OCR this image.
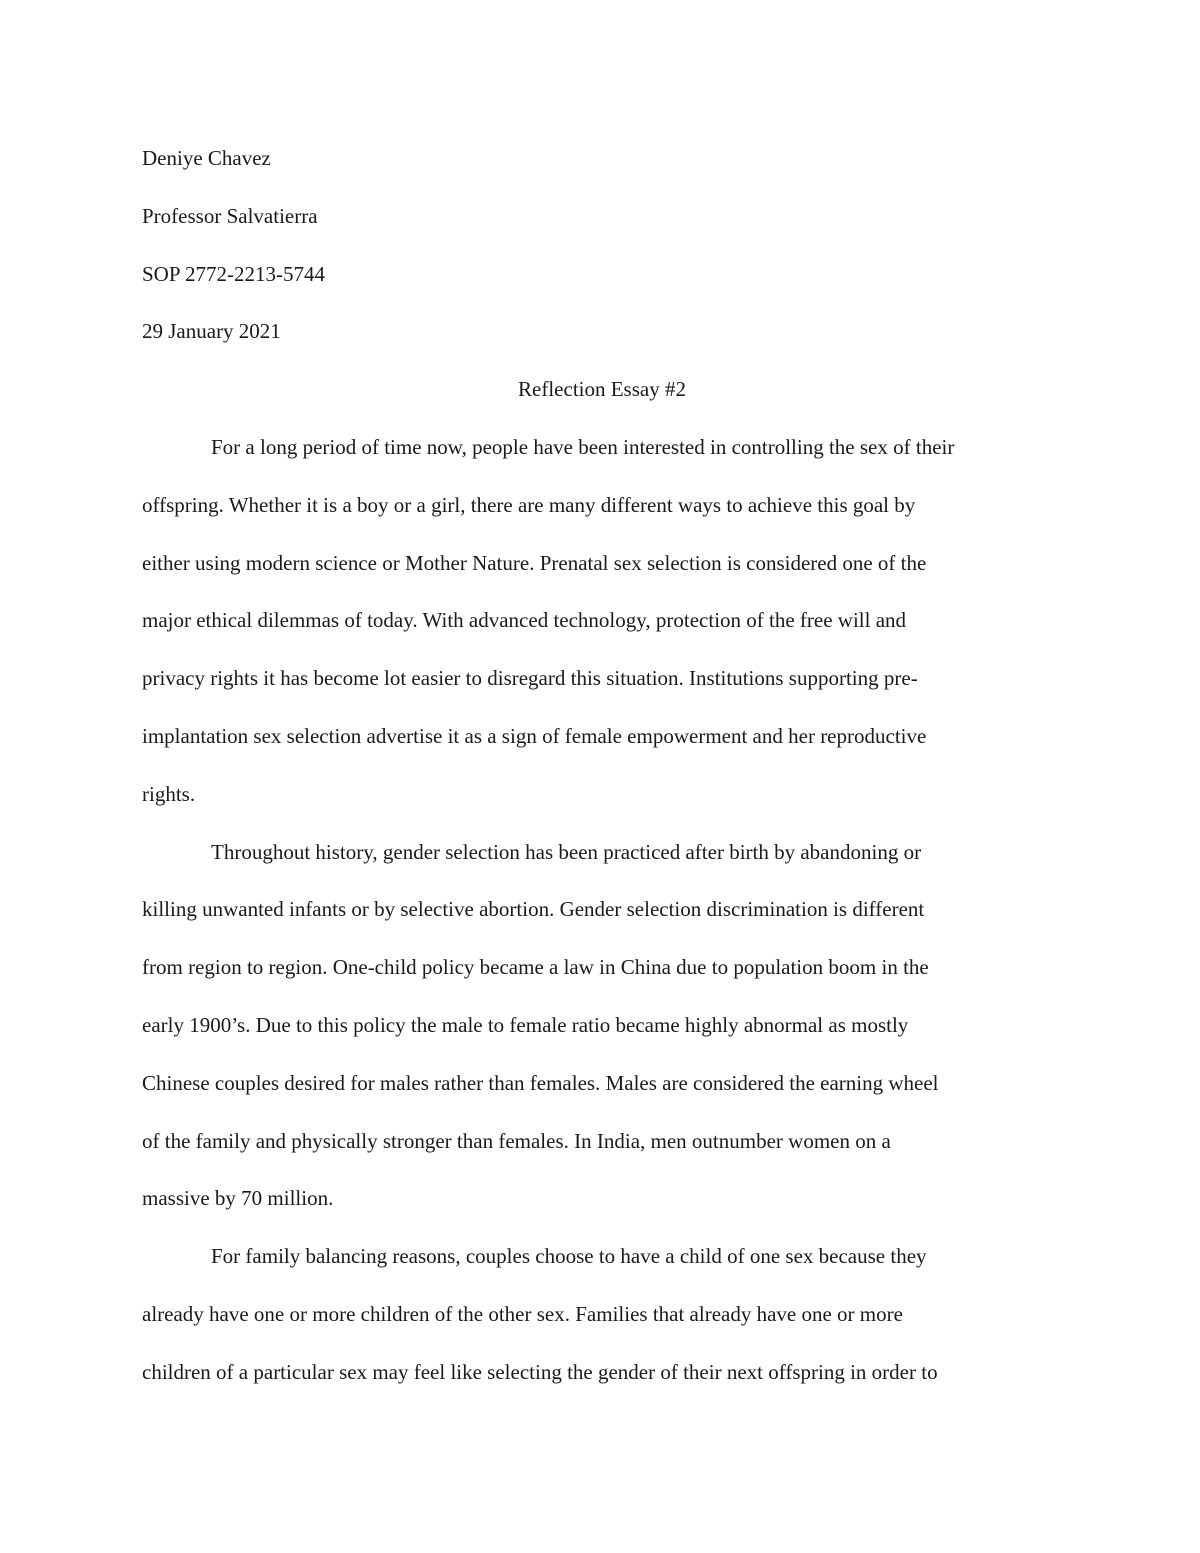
Deniye Chavez
Professor Salvatierra
SOP 2772-2213-5744
29 January 2021
Reflection Essay #2
For a long period of time now, people have been interested in controlling the sex of their
offspring. Whether it is a boy or a girl, there are many different ways to achieve this goal by
either using modern science or Mother Nature. Prenatal sex selection is considered one of the
major ethical dilemmas of today. With advanced technology, protection of the free will and
privacy rights it has become lot easier to disregard this situation. Institutions supporting pre-
implantation sex selection advertise it as a sign of female empowerment and her reproductive
rights.
Throughout history, gender selection has been practiced after birth by abandoning or
killing unwanted infants or by selective abortion. Gender selection discrimination is different
from region to region. One-child policy became a law in China due to population boom in the
early 1900’s. Due to this policy the male to female ratio became highly abnormal as mostly
Chinese couples desired for males rather than females. Males are considered the earning wheel
of the family and physically stronger than females. In India, men outnumber women on a
massive by 70 million.
For family balancing reasons, couples choose to have a child of one sex because they
already have one or more children of the other sex. Families that already have one or more
children of a particular sex may feel like selecting the gender of their next offspring in order to
